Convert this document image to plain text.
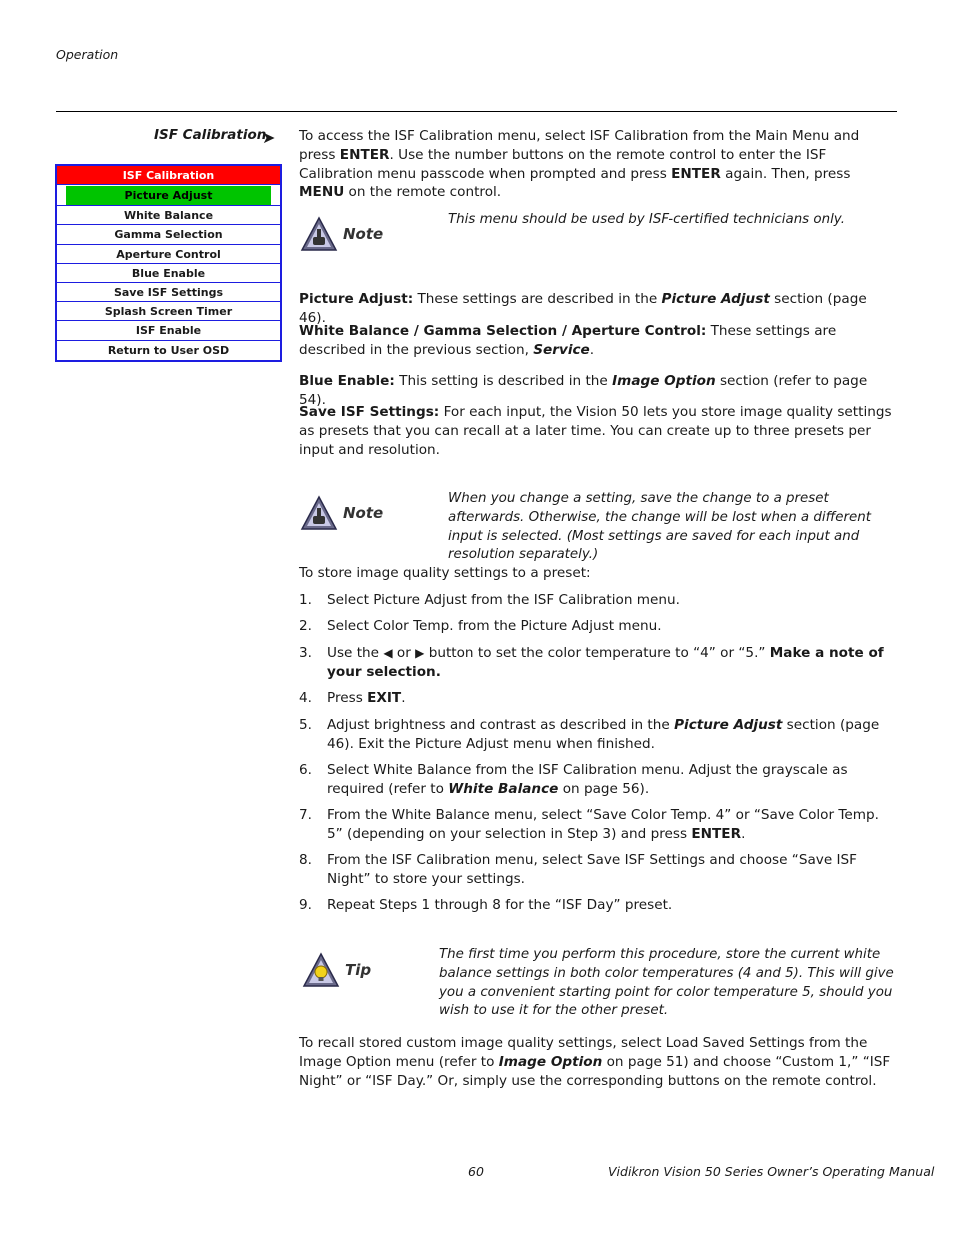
Operation
ISF Calibration
➤ To access the ISF Calibration menu, select ISF Calibration from the Main Menu and press ENTER. Use the number buttons on the remote control to enter the ISF Calibration menu passcode when prompted and press ENTER again. Then, press MENU on the remote control.
ISF Calibration
Picture Adjust
White Balance
Gamma Selection
Aperture Control
Blue Enable
Save ISF Settings
Splash Screen Timer
ISF Enable
Return to User OSD
Note
This menu should be used by ISF-certified technicians only.
Picture Adjust: These settings are described in the Picture Adjust section (page 46).
White Balance / Gamma Selection / Aperture Control: These settings are described in the previous section, Service.
Blue Enable: This setting is described in the Image Option section (refer to page 54).
Save ISF Settings: For each input, the Vision 50 lets you store image quality settings as presets that you can recall at a later time. You can create up to three presets per input and resolution.
Note
When you change a setting, save the change to a preset afterwards. Otherwise, the change will be lost when a different input is selected. (Most settings are saved for each input and resolution separately.)
To store image quality settings to a preset:
1. Select Picture Adjust from the ISF Calibration menu.
2. Select Color Temp. from the Picture Adjust menu.
3. Use the ◀ or ▶ button to set the color temperature to “4” or “5.” Make a note of your selection.
4. Press EXIT.
5. Adjust brightness and contrast as described in the Picture Adjust section (page 46). Exit the Picture Adjust menu when finished.
6. Select White Balance from the ISF Calibration menu. Adjust the grayscale as required (refer to White Balance on page 56).
7. From the White Balance menu, select “Save Color Temp. 4” or “Save Color Temp. 5” (depending on your selection in Step 3) and press ENTER.
8. From the ISF Calibration menu, select Save ISF Settings and choose “Save ISF Night” to store your settings.
9. Repeat Steps 1 through 8 for the “ISF Day” preset.
Tip
The first time you perform this procedure, store the current white balance settings in both color temperatures (4 and 5). This will give you a convenient starting point for color temperature 5, should you wish to use it for the other preset.
To recall stored custom image quality settings, select Load Saved Settings from the Image Option menu (refer to Image Option on page 51) and choose “Custom 1,” “ISF Night” or “ISF Day.” Or, simply use the corresponding buttons on the remote control.
60	Vidikron Vision 50 Series Owner’s Operating Manual
